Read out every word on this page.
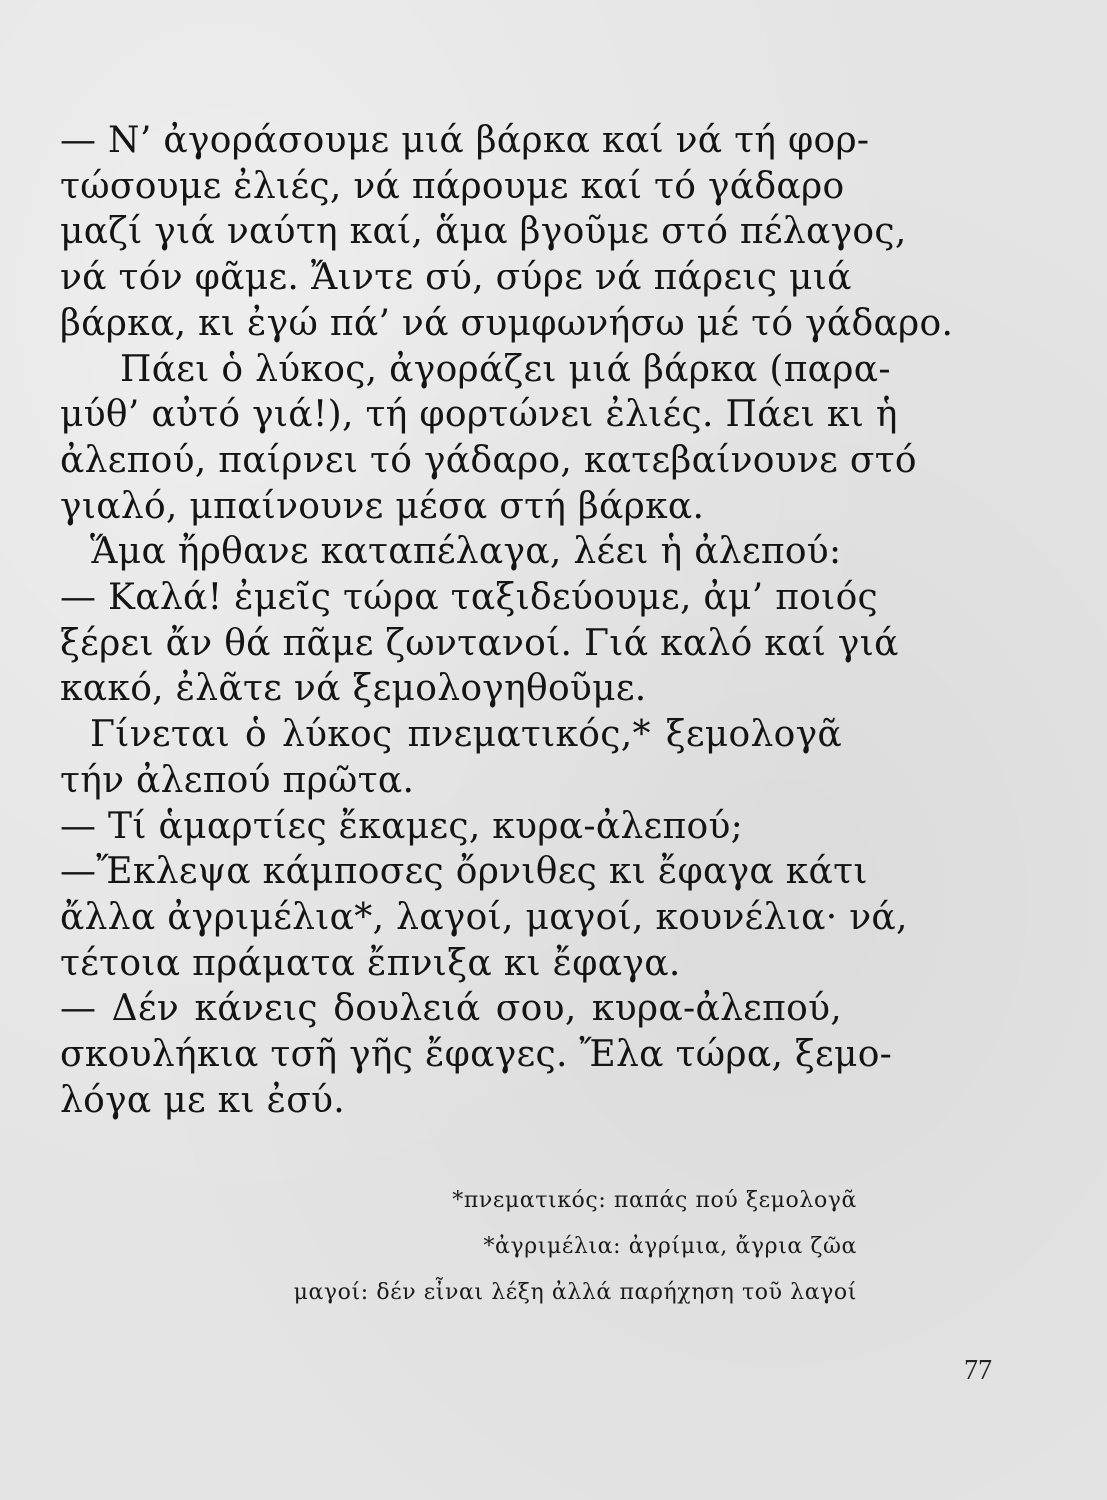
— Ν’ ἀγοράσουμε μιά βάρκα καί νά τή φορ-
τώσουμε ἐλιές, νά πάρουμε καί τό γάδαρο
μαζί γιά ναύτη καί, ἅμα βγοῦμε στό πέλαγος,
νά τόν φᾶμε. Ἄιντε σύ, σύρε νά πάρεις μιά
βάρκα, κι ἐγώ πά’ νά συμφωνήσω μέ τό γάδαρο.
Πάει ὁ λύκος, ἀγοράζει μιά βάρκα (παρα-
μύθ’ αὐτό γιά!), τή φορτώνει ἐλιές. Πάει κι ἡ
ἀλεπού, παίρνει τό γάδαρο, κατεβαίνουνε στό
γιαλό, μπαίνουνε μέσα στή βάρκα.
Ἅμα ἤρθανε καταπέλαγα, λέει ἡ ἀλεπού:
— Καλά! ἐμεῖς τώρα ταξιδεύουμε, ἀμ’ ποιός
ξέρει ἄν θά πᾶμε ζωντανοί. Γιά καλό καί γιά
κακό, ἐλᾶτε νά ξεμολογηθοῦμε.
Γίνεται ὁ λύκος πνεματικός,* ξεμολογᾶ
τήν ἀλεπού πρῶτα.
— Τί ἁμαρτίες ἔκαμες, κυρα-ἀλεπού;
—Ἔκλεψα κάμποσες ὄρνιθες κι ἔφαγα κάτι
ἄλλα ἀγριμέλια*, λαγοί, μαγοί, κουνέλια· νά,
τέτοια πράματα ἔπνιξα κι ἔφαγα.
— Δέν κάνεις δουλειά σου, κυρα-ἀλεπού,
σκουλήκια τσῆ γῆς ἔφαγες. Ἔλα τώρα, ξεμο-
λόγα με κι ἐσύ.
*πνεματικός: παπάς πού ξεμολογᾶ
*ἀγριμέλια: ἀγρίμια, ἄγρια ζῶα
μαγοί: δέν εἶναι λέξη ἀλλά παρήχηση τοῦ λαγοί
77
